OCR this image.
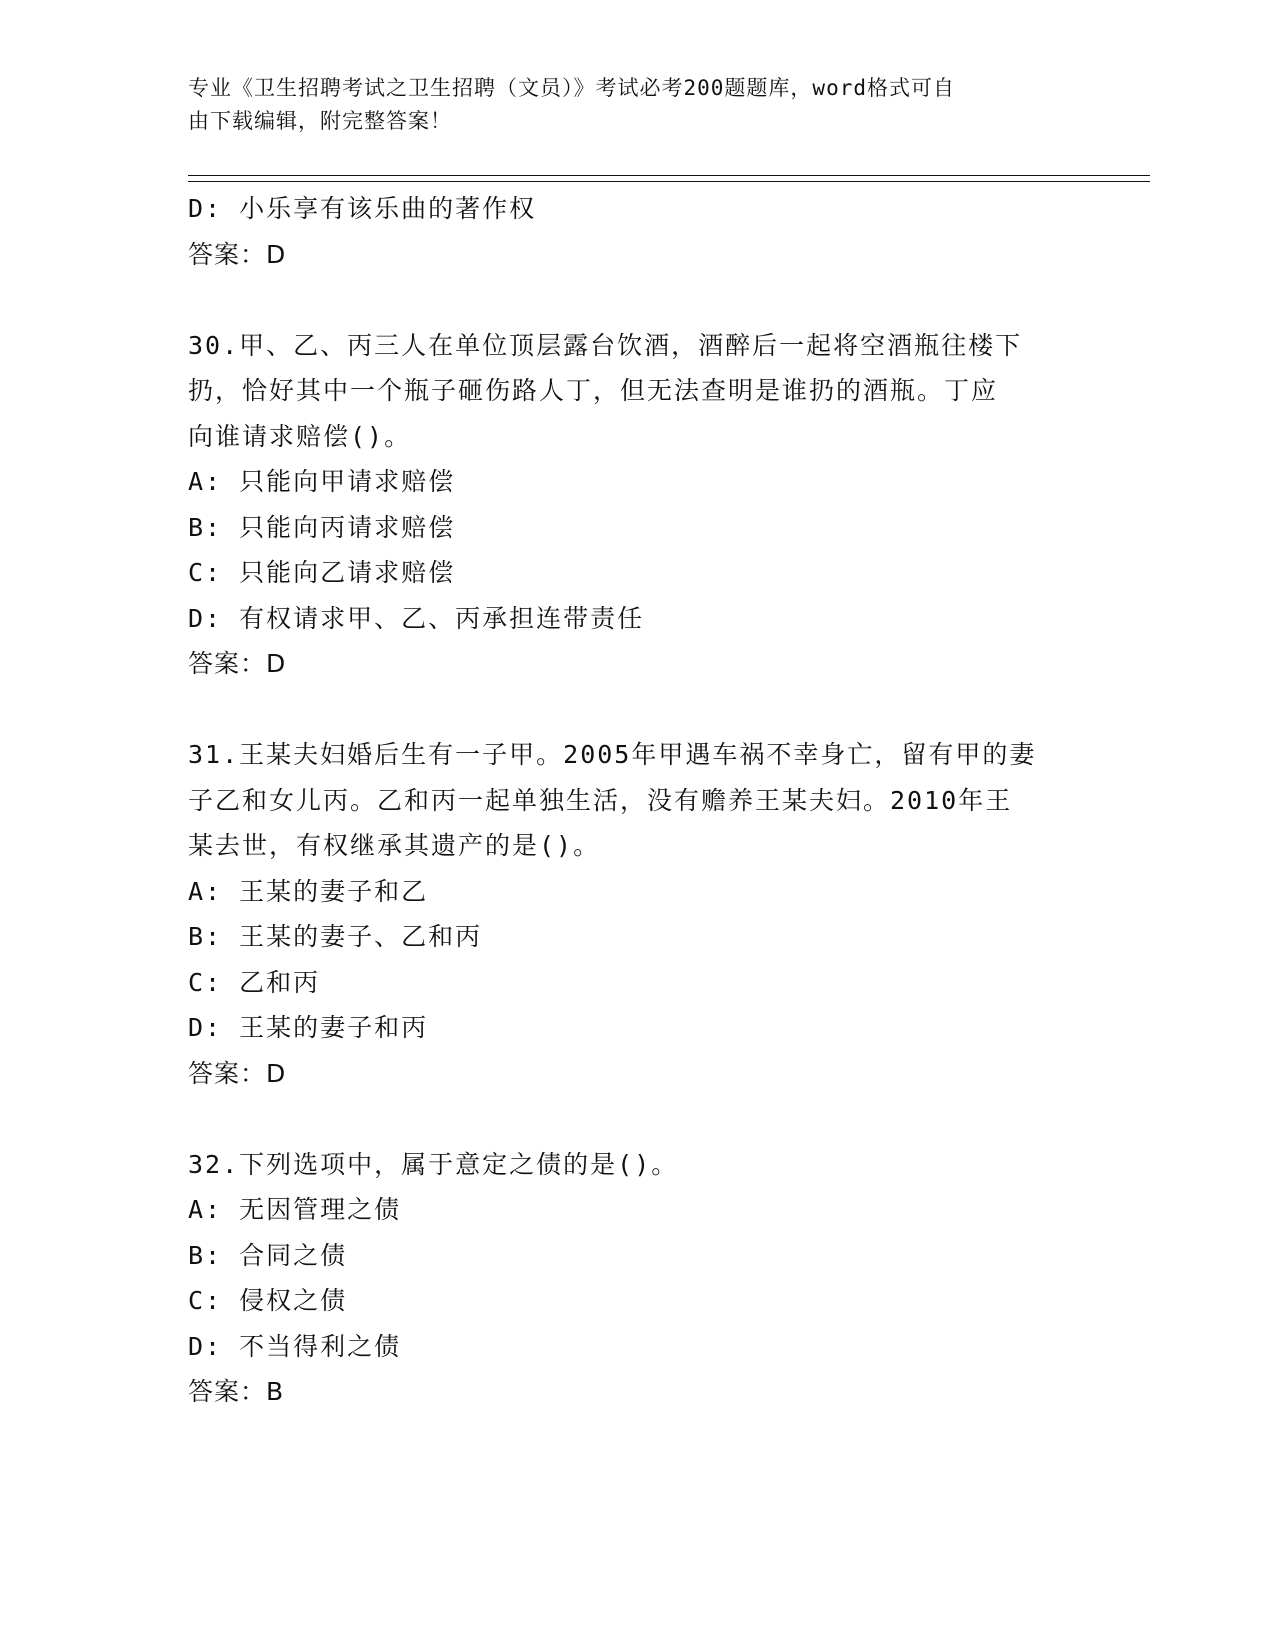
专业《卫生招聘考试之卫生招聘（文员）》考试必考200题题库，word格式可自
由下载编辑，附完整答案！
D: 小乐享有该乐曲的著作权
答案：D
30.甲、乙、丙三人在单位顶层露台饮酒，酒醉后一起将空酒瓶往楼下
扔，恰好其中一个瓶子砸伤路人丁，但无法查明是谁扔的酒瓶。丁应
向谁请求赔偿()。
A: 只能向甲请求赔偿
B: 只能向丙请求赔偿
C: 只能向乙请求赔偿
D: 有权请求甲、乙、丙承担连带责任
答案：D
31.王某夫妇婚后生有一子甲。2005年甲遇车祸不幸身亡，留有甲的妻
子乙和女儿丙。乙和丙一起单独生活，没有赡养王某夫妇。2010年王
某去世，有权继承其遗产的是()。
A: 王某的妻子和乙
B: 王某的妻子、乙和丙
C: 乙和丙
D: 王某的妻子和丙
答案：D
32.下列选项中，属于意定之债的是()。
A: 无因管理之债
B: 合同之债
C: 侵权之债
D: 不当得利之债
答案：B
